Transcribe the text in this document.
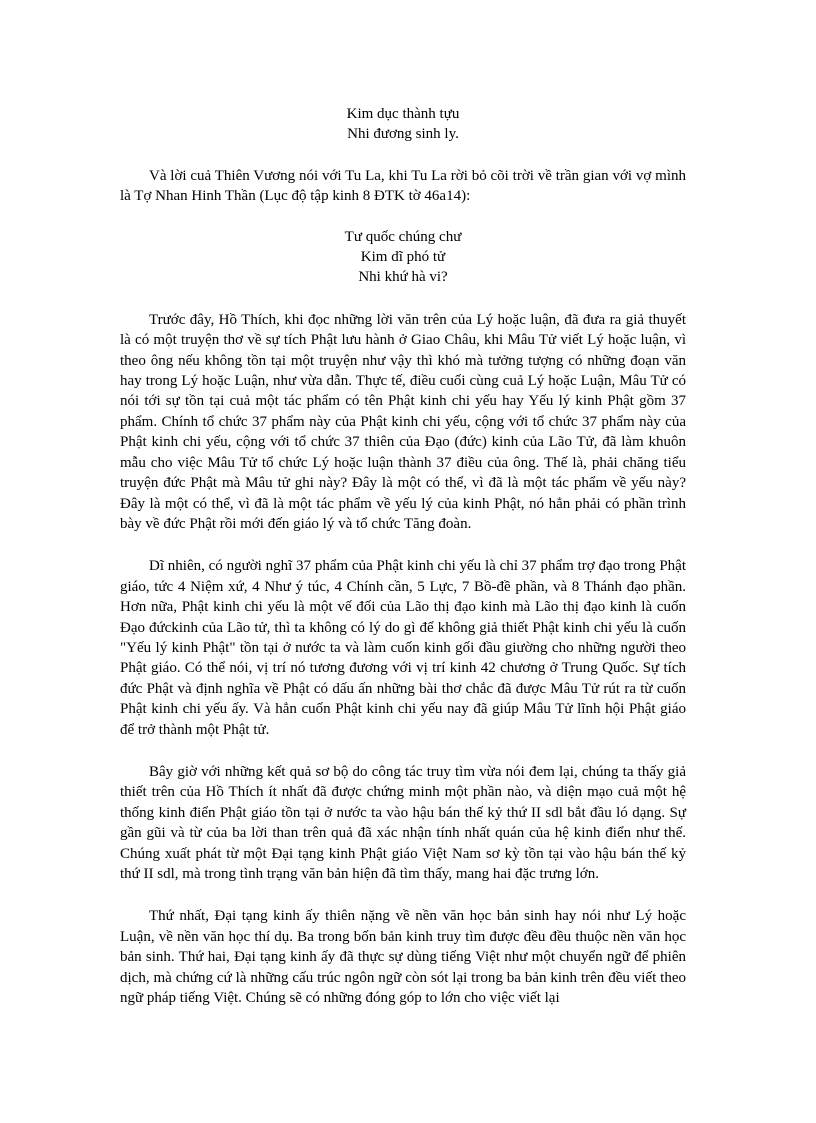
Kim dục thành tựu
Nhi đương sinh ly.

Và lời cuả Thiên Vương nói với Tu La, khi Tu La rời bỏ cõi trời về trần gian với vợ mình là Tợ Nhan Hinh Thần (Lục độ tập kinh 8 ĐTK tờ 46a14):

Tư quốc chúng chư
Kim dĩ phó tử
Nhi khứ hà vi?

Trước đây, Hồ Thích, khi đọc những lời văn trên của Lý hoặc luận, đã đưa ra giả thuyết là có một truyện thơ về sự tích Phật lưu hành ở Giao Châu, khi Mâu Tử viết Lý hoặc luận, vì theo ông nếu không tồn tại một truyện như vậy thì khó mà tưởng tượng có những đoạn văn hay trong Lý hoặc Luận, như vừa dẫn. Thực tế, điều cuối cùng cuả Lý hoặc Luận, Mâu Tử có nói tới sự tồn tại cuả một tác phẩm có tên Phật kinh chi yếu hay Yếu lý kinh Phật gồm 37 phẩm. Chính tổ chức 37 phẩm này của Phật kinh chi yếu, cộng với tổ chức 37 phẩm này của Phật kinh chi yếu, cộng với tổ chức 37 thiên của Đạo (đức) kinh của Lão Tử, đã làm khuôn mẫu cho việc Mâu Tử tổ chức Lý hoặc luận thành 37 điều của ông. Thế là, phải chăng tiểu truyện đức Phật mà Mâu tử ghi này? Đây là một có thể, vì đã là một tác phẩm về yếu này? Đây là một có thể, vì đã là một tác phẩm về yếu lý của kinh Phật, nó hẳn phải có phần trình bày về đức Phật rồi mới đến giáo lý và tổ chức Tăng đoàn.

Dĩ nhiên, có người nghĩ 37 phẩm của Phật kinh chi yếu là chỉ 37 phẩm trợ đạo trong Phật giáo, tức 4 Niệm xứ, 4 Như ý túc, 4 Chính cần, 5 Lực, 7 Bồ-đề phần, và 8 Thánh đạo phần. Hơn nữa, Phật kinh chi yếu là một vế đối của Lão thị đạo kinh mà Lão thị đạo kinh là cuốn Đạo đứckinh của Lão tử, thì ta không có lý do gì để không giả thiết Phật kinh chi yếu là cuốn "Yếu lý kinh Phật" tồn tại ở nước ta và làm cuốn kinh gối đầu giường cho những người theo Phật giáo. Có thể nói, vị trí nó tương đương với vị trí kinh 42 chương ở Trung Quốc. Sự tích đức Phật và định nghĩa về Phật có dấu ấn những bài thơ chắc đã được Mâu Tử rút ra từ cuốn Phật kinh chi yếu ấy. Và hẳn cuốn Phật kinh chi yếu nay đã giúp Mâu Tử lĩnh hội Phật giáo để trở thành một Phật tử.

Bây giờ với những kết quả sơ bộ do công tác truy tìm vừa nói đem lại, chúng ta thấy giả thiết trên của Hồ Thích ít nhất đã được chứng minh một phần nào, và diện mạo cuả một hệ thống kinh điển Phật giáo tồn tại ở nước ta vào hậu bán thế kỷ thứ II sdl bắt đầu ló dạng. Sự gần gũi và từ của ba lời than trên quả đã xác nhận tính nhất quán của hệ kinh điển như thế. Chúng xuất phát từ một Đại tạng kinh Phật giáo Việt Nam sơ kỳ tồn tại vào hậu bán thế kỷ thứ II sdl, mà trong tình trạng văn bản hiện đã tìm thấy, mang hai đặc trưng lớn.

Thứ nhất, Đại tạng kinh ấy thiên nặng về nền văn học bản sinh hay nói như Lý hoặc Luận, về nền văn học thí dụ. Ba trong bốn bản kinh truy tìm được đều đều thuộc nền văn học bản sinh. Thứ hai, Đại tạng kinh ấy đã thực sự dùng tiếng Việt như một chuyển ngữ để phiên dịch, mà chứng cứ là những cấu trúc ngôn ngữ còn sót lại trong ba bản kinh trên đều viết theo ngữ pháp tiếng Việt. Chúng sẽ có những đóng góp to lớn cho việc viết lại
